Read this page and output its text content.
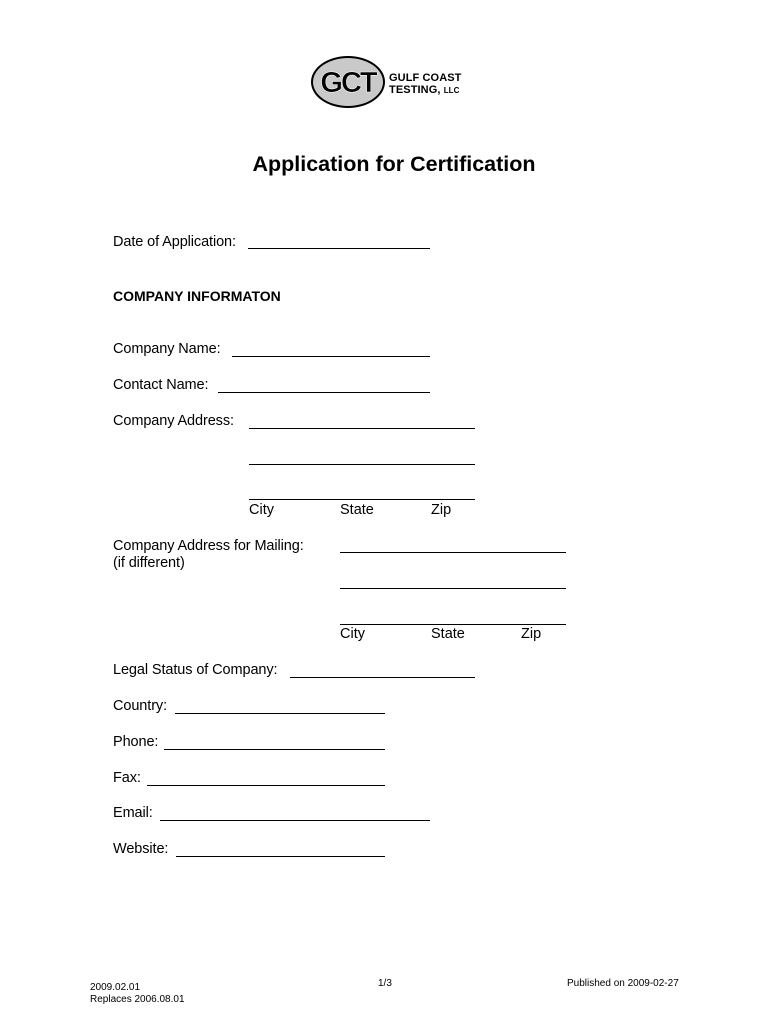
GCT	GULF COAST
TESTING, LLC
Application for Certification
Date of Application:
COMPANY INFORMATON
Company Name:
Contact Name:
Company Address:
City	State	Zip
Company Address for Mailing:
(if different)
City	State	Zip
Legal Status of Company:
Country:
Phone:
Fax:
Email:
Website:
2009.02.01
Replaces 2006.08.01
1/3	Published on 2009-02-27
